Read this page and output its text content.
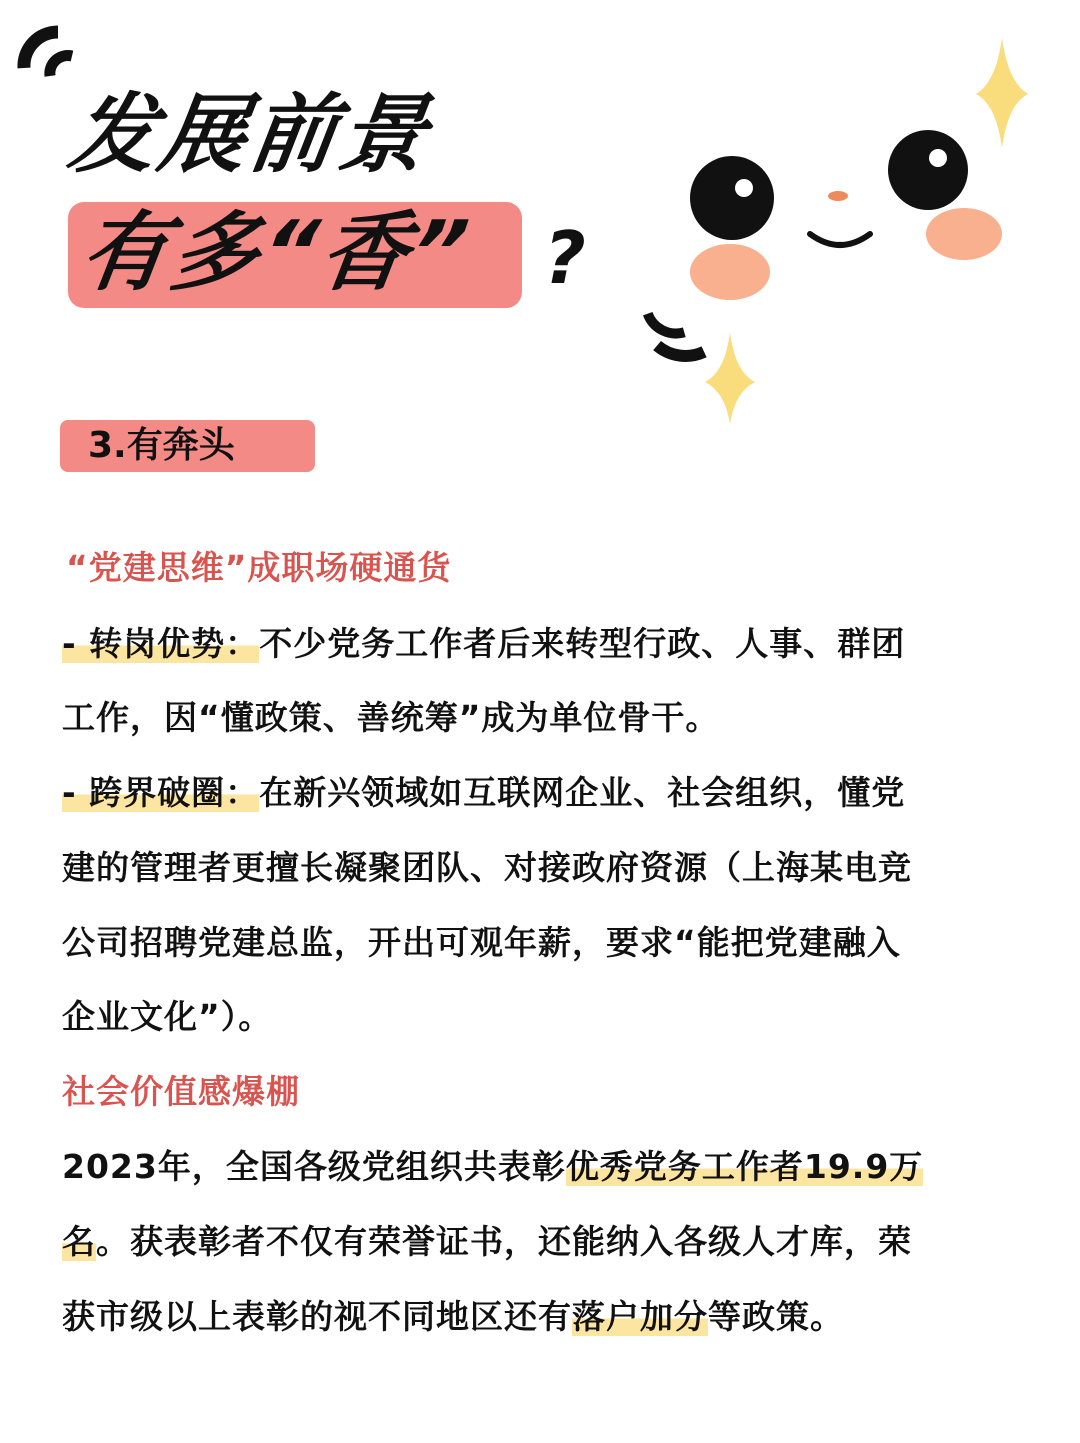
发展前景
有多“香” ?
3.有奔头
“党建思维”成职场硬通货
- 转岗优势：不少党务工作者后来转型行政、人事、群团
工作，因“懂政策、善统筹”成为单位骨干。
- 跨界破圈：在新兴领域如互联网企业、社会组织，懂党
建的管理者更擅长凝聚团队、对接政府资源（上海某电竞
公司招聘党建总监，开出可观年薪，要求“能把党建融入
企业文化”）。
社会价值感爆棚
2023年，全国各级党组织共表彰优秀党务工作者19.9万
名。获表彰者不仅有荣誉证书，还能纳入各级人才库，荣
获市级以上表彰的视不同地区还有落户加分等政策。
